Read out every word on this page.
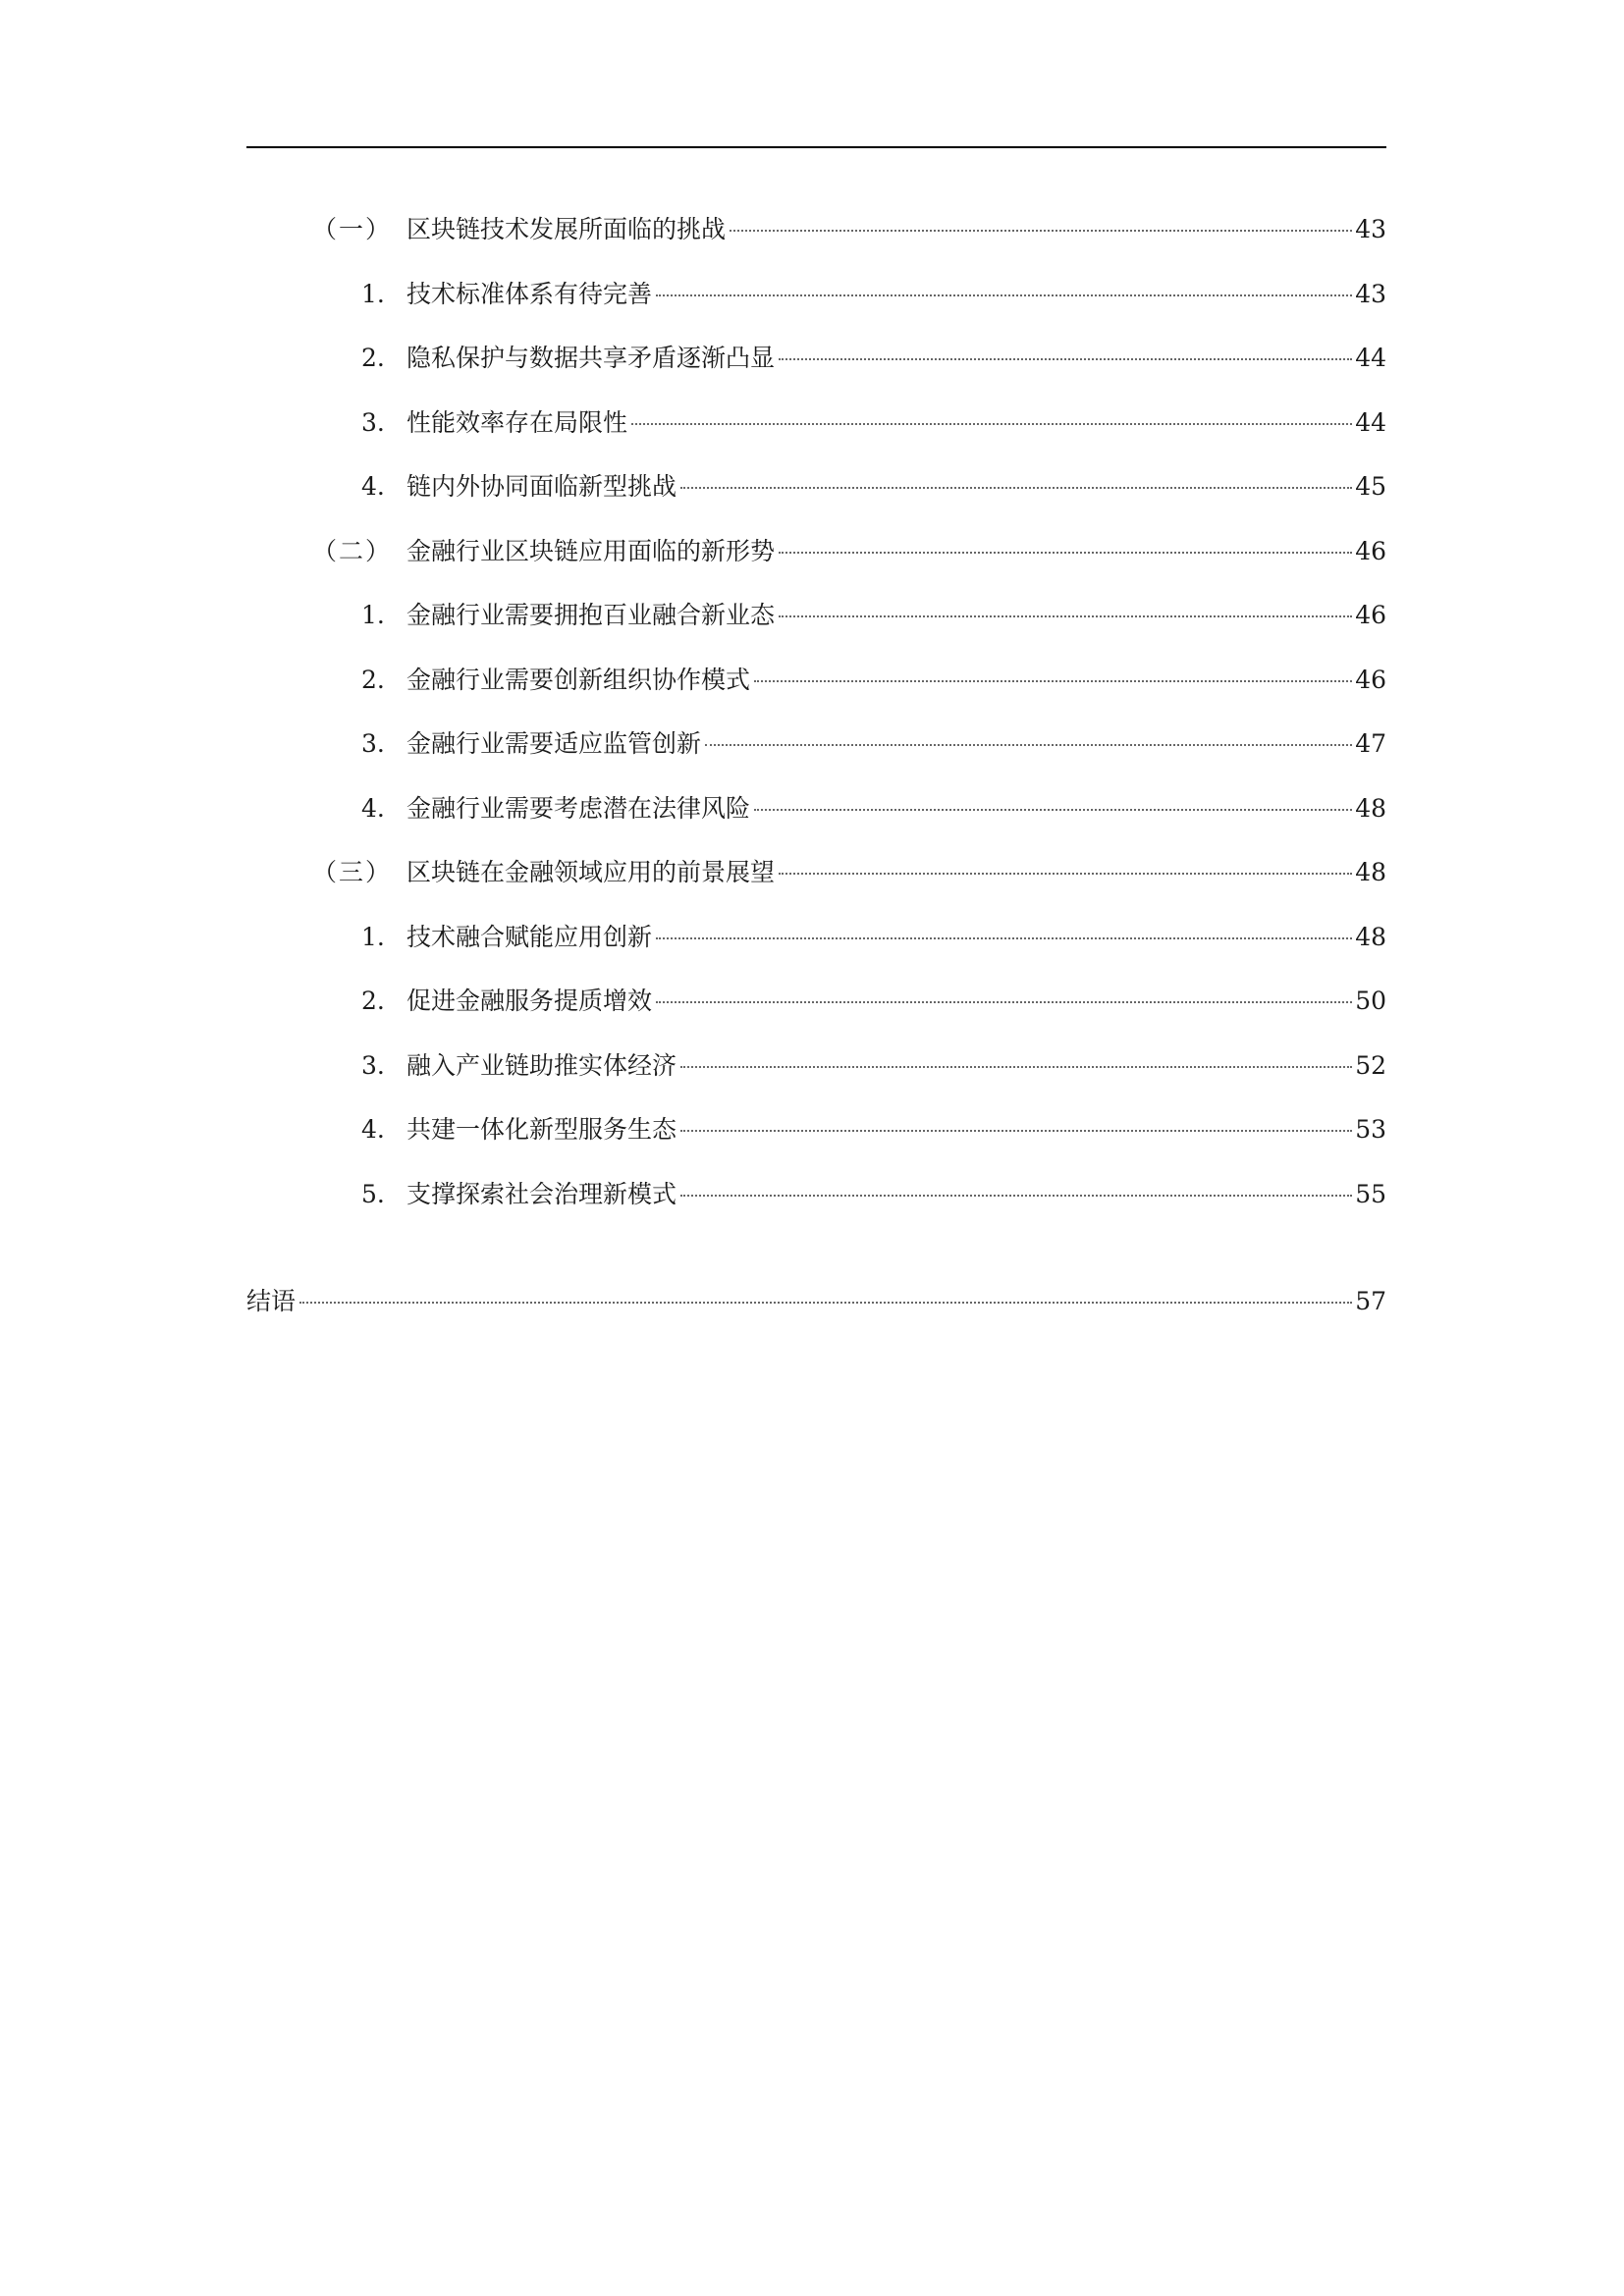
（一） 区块链技术发展所面临的挑战	43
1. 技术标准体系有待完善	43
2. 隐私保护与数据共享矛盾逐渐凸显	44
3. 性能效率存在局限性	44
4. 链内外协同面临新型挑战	45
（二） 金融行业区块链应用面临的新形势	46
1. 金融行业需要拥抱百业融合新业态	46
2. 金融行业需要创新组织协作模式	46
3. 金融行业需要适应监管创新	47
4. 金融行业需要考虑潜在法律风险	48
（三） 区块链在金融领域应用的前景展望	48
1. 技术融合赋能应用创新	48
2. 促进金融服务提质增效	50
3. 融入产业链助推实体经济	52
4. 共建一体化新型服务生态	53
5. 支撑探索社会治理新模式	55
结语	57
